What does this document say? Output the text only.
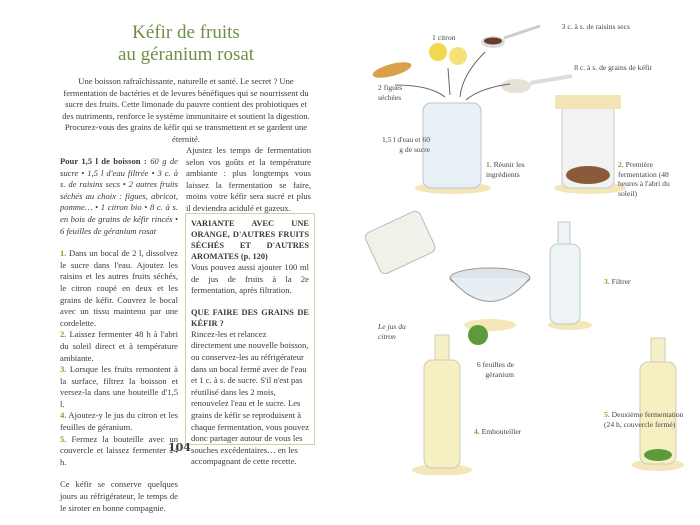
Kéfir de fruits
au géranium rosat
Une boisson rafraîchissante, naturelle et santé. Le secret ? Une fermentation de bactéries et de levures bénéfiques qui se nourrissent du sucre des fruits. Cette limonade du pauvre contient des probiotiques et des nutriments, renforce le système immunitaire et soutient la digestion. Procurez-vous des grains de kéfir qui se transmettent et se gardent une éternité.

Pour 1,5 l de boisson : 60 g de sucre • 1,5 l d'eau filtrée • 3 c. à s. de raisins secs • 2 autres fruits séchés au choix : figues, abricot, pomme… • 1 citron bio • 8 c. à s. en bois de grains de kéfir rincés • 6 feuilles de géranium rosat

1. Dans un bocal de 2 l, dissolvez le sucre dans l'eau. Ajoutez les raisins et les autres fruits séchés, le citron coupé en deux et les grains de kéfir. Couvrez le bocal avec un tissu maintenu par une cordelette.
2. Laissez fermenter 48 h à l'abri du soleil direct et à température ambiante.
3. Lorsque les fruits remontent à la surface, filtrez la boisson et versez-la dans une bouteille d'1,5 l.
4. Ajoutez-y le jus du citron et les feuilles de géranium.
5. Fermez la bouteille avec un couvercle et laissez fermenter 24 h.

Ce kéfir se conserve quelques jours au réfrigérateur, le temps de le siroter en bonne compagnie.

Ajustez les temps de fermentation selon vos goûts et la température ambiante : plus longtemps vous laissez la fermentation se faire, moins votre kéfir sera sucré et plus il deviendra acidulé et gazeux.
VARIANTE AVEC UNE ORANGE, D'AUTRES FRUITS SÉCHÉS ET D'AUTRES AROMATES (p. 120)

Vous pouvez aussi ajouter 100 ml de jus de fruits à la 2e fermentation, après filtration.

QUE FAIRE DES GRAINS DE KÉFIR ?

Rincez-les et relancez directement une nouvelle boisson, ou conservez-les au réfrigérateur dans un bocal fermé avec de l'eau et 1 c. à s. de sucre. S'il n'est pas réutilisé dans les 2 mois, renouvelez l'eau et le sucre. Les grains de kéfir se reproduisent à chaque fermentation, vous pouvez donc partager autour de vous les souches excédentaires… en les accompagnant de cette recette.

104
1 citron
3 c. à s. de raisins secs
2 figues séchées
8 c. à s. de grains de kéfir
1,5 l d'eau et 60 g de sucre
1. Réunir les ingrédients
2. Première fermentation (48 heures à l'abri du soleil)
3. Filtrer
Le jus du citron
6 feuilles de géranium
4. Embouteiller
5. Deuxième fermentation (24 h, couvercle fermé)
